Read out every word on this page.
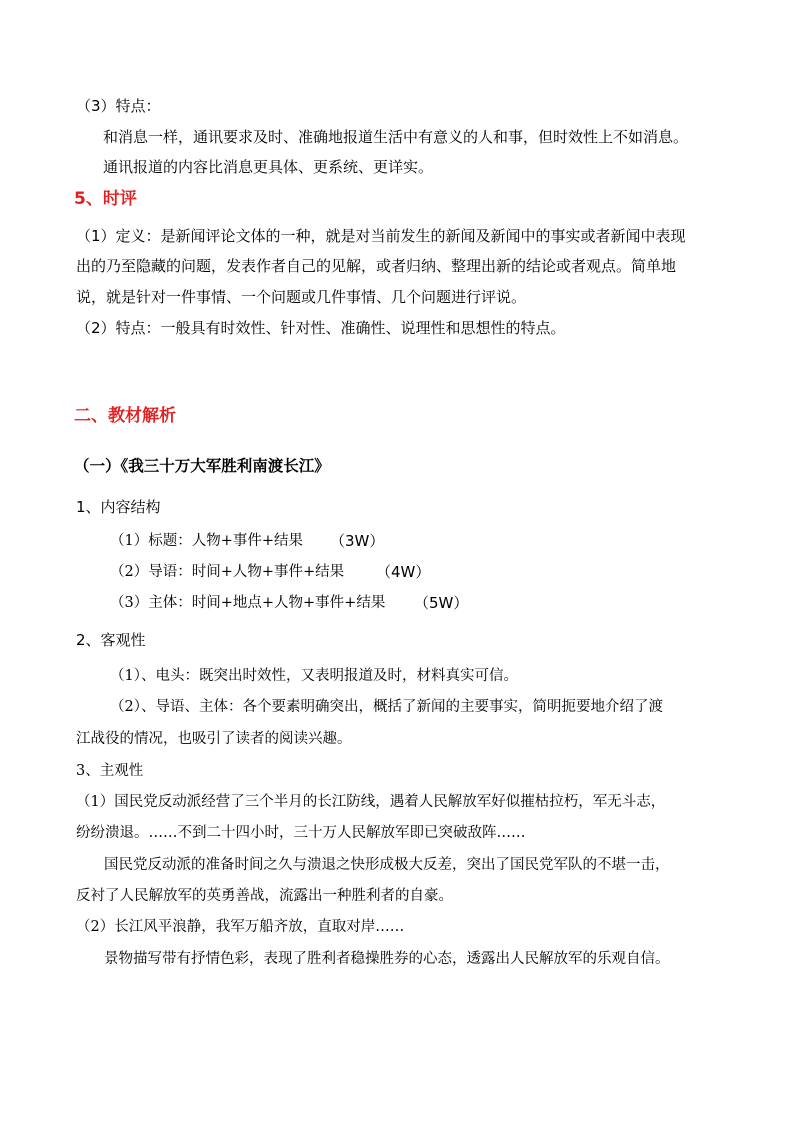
（3）特点：
和消息一样，通讯要求及时、准确地报道生活中有意义的人和事，但时效性上不如消息。
通讯报道的内容比消息更具体、更系统、更详实。
5、时评
（1）定义：是新闻评论文体的一种，就是对当前发生的新闻及新闻中的事实或者新闻中表现
出的乃至隐藏的问题，发表作者自己的见解，或者归纳、整理出新的结论或者观点。简单地
说，就是针对一件事情、一个问题或几件事情、几个问题进行评说。
（2）特点：一般具有时效性、针对性、准确性、说理性和思想性的特点。
二、教材解析
（一）《我三十万大军胜利南渡长江》
1、内容结构
（1）标题：人物+事件+结果 （3W）
（2）导语：时间+人物+事件+结果 （4W）
（3）主体：时间+地点+人物+事件+结果 （5W）
2、客观性
（1）、电头：既突出时效性，又表明报道及时，材料真实可信。
（2）、导语、主体：各个要素明确突出，概括了新闻的主要事实，简明扼要地介绍了渡
江战役的情况，也吸引了读者的阅读兴趣。
3、主观性
（1）国民党反动派经营了三个半月的长江防线，遇着人民解放军好似摧枯拉朽，军无斗志，
纷纷溃退。……不到二十四小时，三十万人民解放军即已突破敌阵……
国民党反动派的准备时间之久与溃退之快形成极大反差，突出了国民党军队的不堪一击，
反衬了人民解放军的英勇善战，流露出一种胜利者的自豪。
（2）长江风平浪静，我军万船齐放，直取对岸……
景物描写带有抒情色彩，表现了胜利者稳操胜券的心态，透露出人民解放军的乐观自信。
